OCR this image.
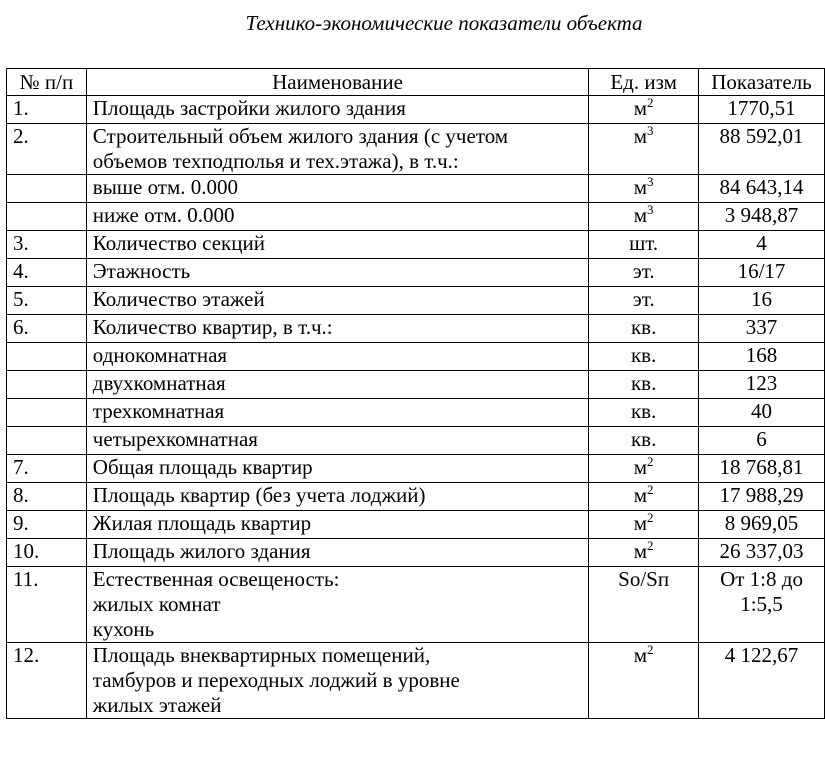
Технико-экономические показатели объекта
№ п/п	Наименование	Ед. изм	Показатель
1.	Площадь застройки жилого здания	$м^2$	1770,51
2.	Строительный объем жилого здания (с учетом
объемов техподполья и тех.этажа), в т.ч.:	$м^3$	88 592,01

	выше отм. 0.000	$м^3$	84 643,14

	ниже отм. 0.000	$м^3$	3 948,87
3.	Количество секций	шт.	4
4.	Этажность	эт.	16/17
5.	Количество этажей	эт.	16
6.	Количество квартир, в т.ч.:	кв.	337

	однокомнатная	кв.	168

	двухкомнатная	кв.	123

	трехкомнатная	кв.	40

	четырехкомнатная	кв.	6
7.	Общая площадь квартир	$м^2$	18 768,81
8.	Площадь квартир (без учета лоджий)	$м^2$	17 988,29
9.	Жилая площадь квартир	$м^2$	8 969,05
10.	Площадь жилого здания	$м^2$	26 337,03
11.	Естественная освещеность:
жилых комнат
кухонь	So/Sп	От 1:8 до 1:5,5
12.	Площадь внеквартирных помещений,
тамбуров и переходных лоджий в уровне
жилых этажей	$м^2$	4 122,67
